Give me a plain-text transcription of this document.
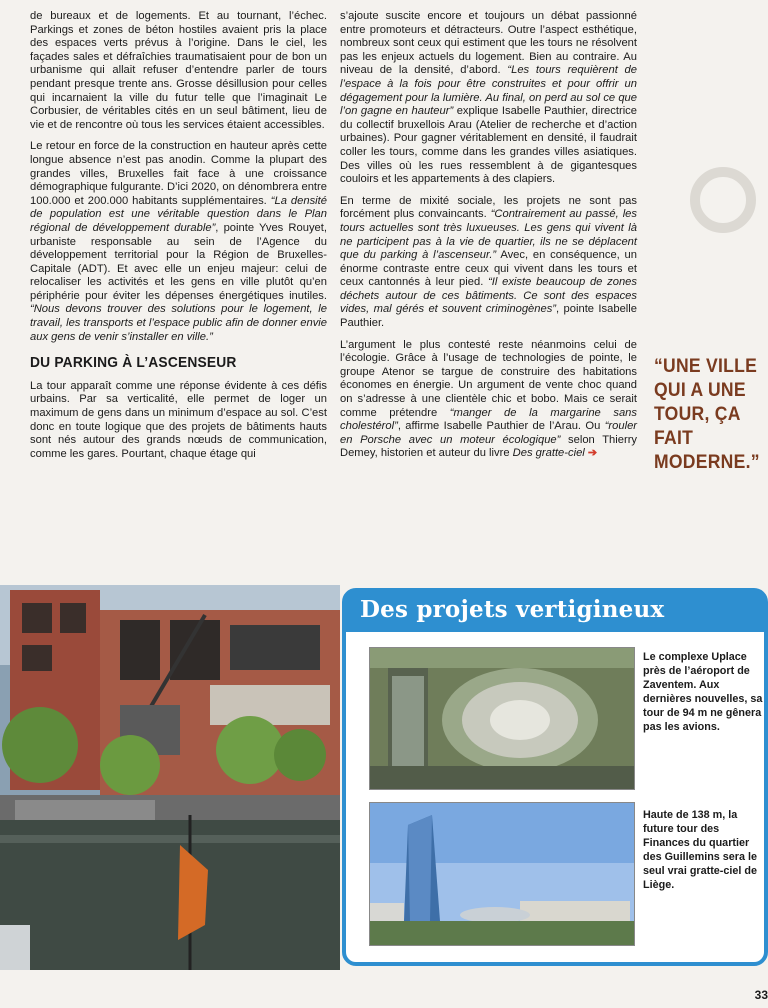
de bureaux et de logements. Et au tournant, l’échec. Parkings et zones de béton hostiles avaient pris la place des espaces verts prévus à l’origine. Dans le ciel, les façades sales et défraîchies traumatisaient pour de bon un urbanisme qui allait refuser d’entendre parler de tours pendant presque trente ans. Grosse désillusion pour celles qui incarnaient la ville du futur telle que l’imaginait Le Corbusier, de véritables cités en un seul bâtiment, lieu de vie et de rencontre où tous les services étaient accessibles.

Le retour en force de la construction en hauteur après cette longue absence n’est pas anodin. Comme la plupart des grandes villes, Bruxelles fait face à une croissance démographique fulgurante. D’ici 2020, on dénombrera entre 100.000 et 200.000 habitants supplémentaires. “La densité de population est une véritable question dans le Plan régional de développement durable”, pointe Yves Rouyet, urbaniste responsable au sein de l’Agence du développement territorial pour la Région de Bruxelles-Capitale (ADT). Et avec elle un enjeu majeur: celui de relocaliser les activités et les gens en ville plutôt qu’en périphérie pour éviter les dépenses énergétiques inutiles. “Nous devons trouver des solutions pour le logement, le travail, les transports et l’espace public afin de donner envie aux gens de venir s’installer en ville.”

DU PARKING À L’ASCENSEUR

La tour apparaît comme une réponse évidente à ces défis urbains. Par sa verticalité, elle permet de loger un maximum de gens dans un minimum d’espace au sol. C’est donc en toute logique que des projets de bâtiments hauts sont nés autour des grands nœuds de communication, comme les gares. Pourtant, chaque étage qui

s’ajoute suscite encore et toujours un débat passionné entre promoteurs et détracteurs. Outre l’aspect esthétique, nombreux sont ceux qui estiment que les tours ne résolvent pas les enjeux actuels du logement. Bien au contraire. Au niveau de la densité, d’abord. “Les tours requièrent de l’espace à la fois pour être construites et pour offrir un dégagement pour la lumière. Au final, on perd au sol ce que l’on gagne en hauteur” explique Isabelle Pauthier, directrice du collectif bruxellois Arau (Atelier de recherche et d’action urbaines). Pour gagner véritablement en densité, il faudrait coller les tours, comme dans les grandes villes asiatiques. Des villes où les rues ressemblent à de gigantesques couloirs et les appartements à des clapiers.

En terme de mixité sociale, les projets ne sont pas forcément plus convaincants. “Contrairement au passé, les tours actuelles sont très luxueuses. Les gens qui vivent là ne participent pas à la vie de quartier, ils ne se déplacent que du parking à l’ascenseur.” Avec, en conséquence, un énorme contraste entre ceux qui vivent dans les tours et ceux cantonnés à leur pied. “Il existe beaucoup de zones déchets autour de ces bâtiments. Ce sont des espaces vides, mal gérés et souvent criminogènes”, pointe Isabelle Pauthier.

L’argument le plus contesté reste néanmoins celui de l’écologie. Grâce à l’usage de technologies de pointe, le groupe Atenor se targue de construire des habitations économes en énergie. Un argument de vente choc quand on s’adresse à une clientèle chic et bobo. Mais ce serait comme prétendre “manger de la margarine sans cholestérol”, affirme Isabelle Pauthier de l’Arau. Ou “rouler en Porsche avec un moteur écologique” selon Thierry Demey, historien et auteur du livre Des gratte-ciel ➔

“UNE VILLE
QUI A UNE
TOUR, ÇA FAIT
MODERNE.”
Des projets vertigineux
Le complexe Uplace près de l’aéroport de Zaventem. Aux dernières nouvelles, sa tour de 94 m ne gênera pas les avions.
Haute de 138 m, la future tour des Finances du quartier des Guillemins sera le seul vrai gratte-ciel de Liège.
33
